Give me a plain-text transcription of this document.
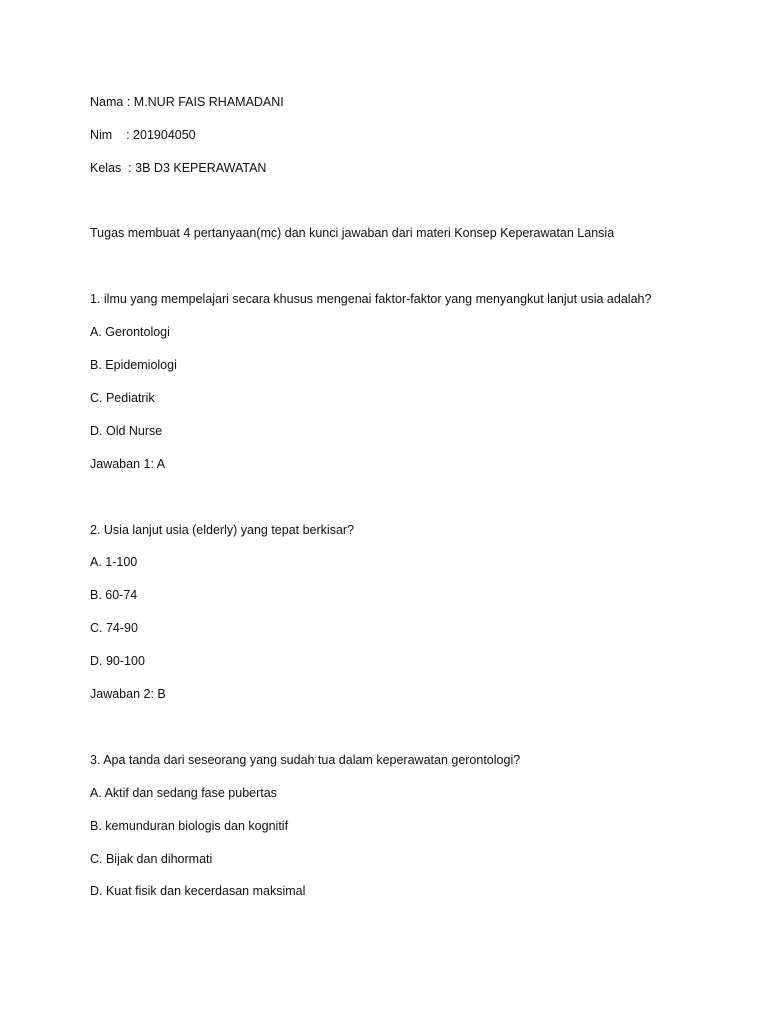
Nama : M.NUR FAIS RHAMADANI
Nim    : 201904050
Kelas  : 3B D3 KEPERAWATAN
Tugas membuat 4 pertanyaan(mc) dan kunci jawaban dari materi Konsep Keperawatan Lansia
1. ilmu yang mempelajari secara khusus mengenai faktor-faktor yang menyangkut lanjut usia adalah?
A. Gerontologi
B. Epidemiologi
C. Pediatrik
D. Old Nurse
Jawaban 1: A
2. Usia lanjut usia (elderly) yang tepat berkisar?
A. 1-100
B. 60-74
C. 74-90
D. 90-100
Jawaban 2: B
3. Apa tanda dari seseorang yang sudah tua dalam keperawatan gerontologi?
A. Aktif dan sedang fase pubertas
B. kemunduran biologis dan kognitif
C. Bijak dan dihormati
D. Kuat fisik dan kecerdasan maksimal
